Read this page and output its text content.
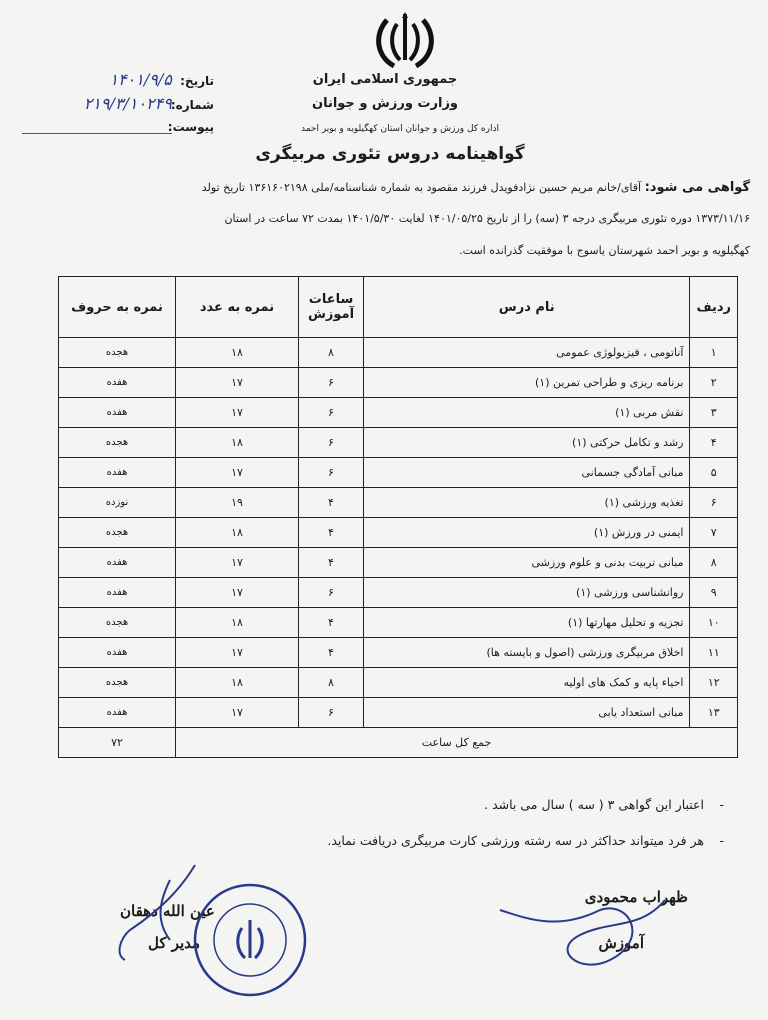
جمهوری اسلامی ایران
وزارت ورزش و جوانان
اداره کل ورزش و جوانان استان کهگیلویه و بویر احمد
گواهینامه دروس تئوری مربیگری
تاریخ: ۱۴۰۱/۹/۵
شماره: ۲۱۹/۳/۱۰۲۴۹
پیوست:
گواهی می شود: آقای/خانم مریم حسین نژادفویدل فرزند مقصود به شماره شناسنامه/ملی ۱۳۶۱۶۰۲۱۹۸ تاریخ تولد
۱۳۷۳/۱۱/۱۶ دوره تئوری مربیگری درجه ۳ (سه) را از تاریخ ۱۴۰۱/۰۵/۲۵ لغایت ۱۴۰۱/۵/۳۰ بمدت ۷۲ ساعت در استان
کهگیلویه و بویر احمد شهرستان یاسوج با موفقیت گذرانده است.
ردیف	نام درس	ساعات آموزش	نمره به عدد	نمره به حروف
۱	آناتومی ، فیزیولوژی عمومی	۸	۱۸	هجده
۲	برنامه ریزی و طراحی تمرین (۱)	۶	۱۷	هفده
۳	نقش مربی (۱)	۶	۱۷	هفده
۴	رشد و تکامل حرکتی (۱)	۶	۱۸	هجده
۵	مبانی آمادگی جسمانی	۶	۱۷	هفده
۶	تغذیه ورزشی (۱)	۴	۱۹	نوزده
۷	ایمنی در ورزش (۱)	۴	۱۸	هجده
۸	مبانی تربیت بدنی و علوم ورزشی	۴	۱۷	هفده
۹	روانشناسی ورزشی (۱)	۶	۱۷	هفده
۱۰	تجزیه و تحلیل مهارتها (۱)	۴	۱۸	هجده
۱۱	اخلاق مربیگری ورزشی (اصول و بایسته ها)	۴	۱۷	هفده
۱۲	احیاء پایه و کمک های اولیه	۸	۱۸	هجده
۱۳	مبانی استعداد یابی	۶	۱۷	هفده
جمع کل ساعت				۷۲
-اعتبار این گواهی ۳ ( سه ) سال می باشد .
-هر فرد میتواند حداکثر در سه رشته ورزشی کارت مربیگری دریافت نماید.
ظهراب محمودی
آموزش
عین الله دهقان
مدیر کل
